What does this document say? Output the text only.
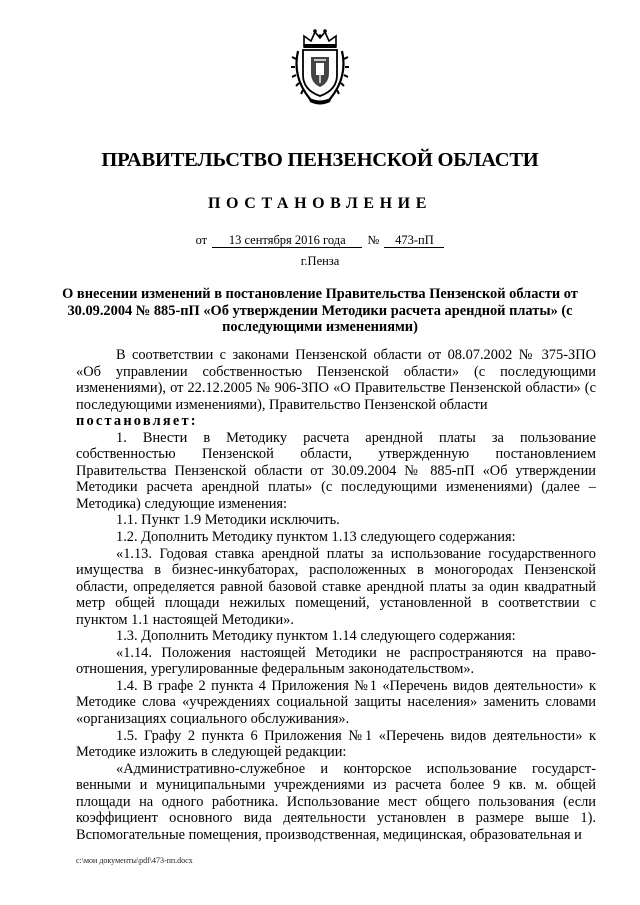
ПРАВИТЕЛЬСТВО ПЕНЗЕНСКОЙ ОБЛАСТИ
ПОСТАНОВЛЕНИЕ
от 13 сентября 2016 года № 473-пП
г.Пенза
О внесении изменений в постановление Правительства Пензенской области от 30.09.2004 № 885-пП «Об утверждении Методики расчета арендной платы» (с последующими изменениями)

В соответствии с законами Пензенской области от 08.07.2002 № 375-ЗПО «Об управлении собственностью Пензенской области» (с последующими изменениями), от 22.12.2005 № 906-ЗПО «О Правительстве Пензенской области» (с последующими изменениями), Правительство Пензенской области

постановляет:

1. Внести в Методику расчета арендной платы за пользование собственностью Пензенской области, утвержденную постановлением Правительства Пензенской области от 30.09.2004 № 885-пП «Об утверждении Методики расчета арендной платы» (с последующими изменениями) (далее – Методика) следующие изменения:

1.1. Пункт 1.9 Методики исключить.

1.2. Дополнить Методику пунктом 1.13 следующего содержания:

«1.13. Годовая ставка арендной платы за использование государственного имущества в бизнес-инкубаторах, расположенных в моногородах Пензенской области, определяется равной базовой ставке арендной платы за один квадратный метр общей площади нежилых помещений, установленной в соответствии с пунктом 1.1 настоящей Методики».

1.3. Дополнить Методику пунктом 1.14 следующего содержания:

«1.14. Положения настоящей Методики не распространяются на право-отношения, урегулированные федеральным законодательством».

1.4. В графе 2 пункта 4 Приложения №1 «Перечень видов деятельности» к Методике слова «учреждениях социальной защиты населения» заменить словами «организациях социального обслуживания».

1.5. Графу 2 пункта 6 Приложения №1 «Перечень видов деятельности» к Методике изложить в следующей редакции:

«Административно-служебное и конторское использование государст-венными и муниципальными учреждениями из расчета более 9 кв. м. общей площади на одного работника. Использование мест общего пользования (если коэффициент основного вида деятельности установлен в размере выше 1). Вспомогательные помещения, производственная, медицинская, образовательная и

c:\мои документы\pdf\473-пп.docx
